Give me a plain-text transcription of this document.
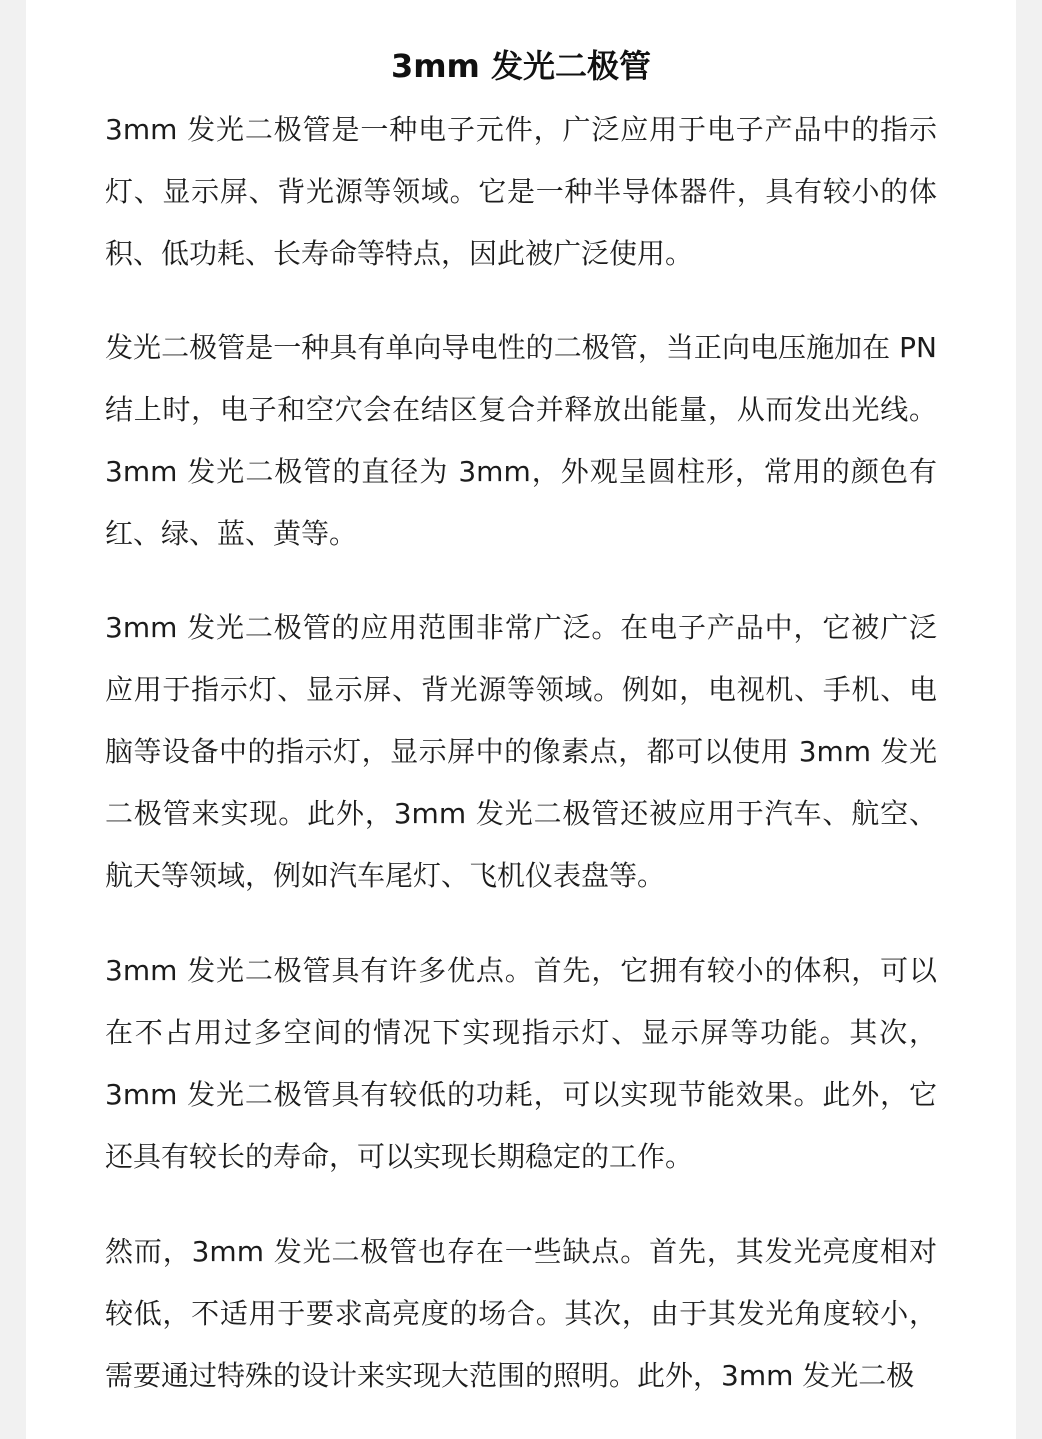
3mm 发光二极管

3mm 发光二极管是一种电子元件，广泛应用于电子产品中的指示灯、显示屏、背光源等领域。它是一种半导体器件，具有较小的体积、低功耗、长寿命等特点，因此被广泛使用。

发光二极管是一种具有单向导电性的二极管，当正向电压施加在 PN 结上时，电子和空穴会在结区复合并释放出能量，从而发出光线。3mm 发光二极管的直径为 3mm，外观呈圆柱形，常用的颜色有红、绿、蓝、黄等。

3mm 发光二极管的应用范围非常广泛。在电子产品中，它被广泛应用于指示灯、显示屏、背光源等领域。例如，电视机、手机、电脑等设备中的指示灯，显示屏中的像素点，都可以使用 3mm 发光二极管来实现。此外，3mm 发光二极管还被应用于汽车、航空、航天等领域，例如汽车尾灯、飞机仪表盘等。

3mm 发光二极管具有许多优点。首先，它拥有较小的体积，可以在不占用过多空间的情况下实现指示灯、显示屏等功能。其次，3mm 发光二极管具有较低的功耗，可以实现节能效果。此外，它还具有较长的寿命，可以实现长期稳定的工作。

然而，3mm 发光二极管也存在一些缺点。首先，其发光亮度相对较低，不适用于要求高亮度的场合。其次，由于其发光角度较小，需要通过特殊的设计来实现大范围的照明。此外，3mm 发光二极
